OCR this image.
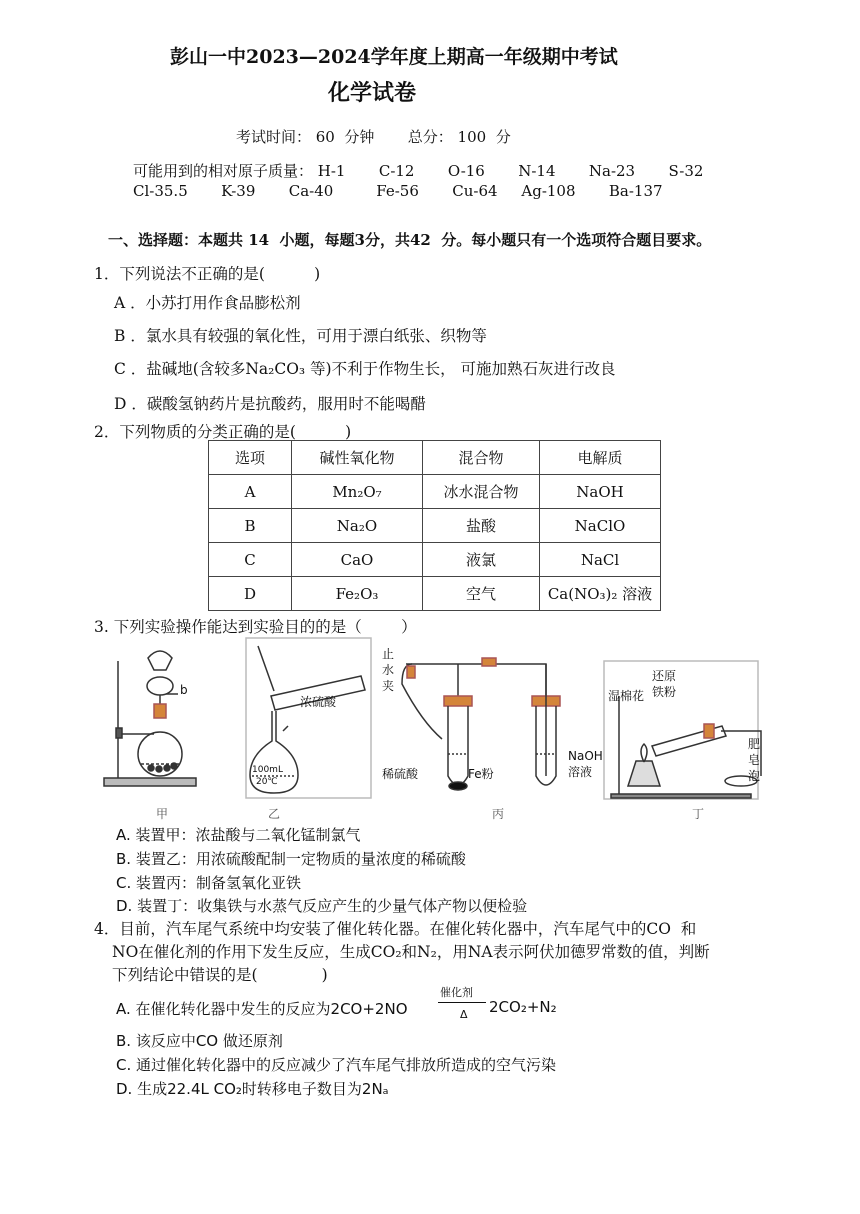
彭山一中2023—2024学年度上期高一年级期中考试
化学试卷
考试时间： 60  分钟       总分： 100  分
可能用到的相对原子质量： H-1       C-12       O-16       N-14       Na-23       S-32
Cl-35.5       K-39       Ca-40         Fe-56       Cu-64     Ag-108       Ba-137
一、选择题：本题共 14  小题，每题3分，共42  分。每小题只有一个选项符合题目要求。
1．下列说法不正确的是(          )
A ．小苏打用作食品膨松剂
B ．氯水具有较强的氧化性，可用于漂白纸张、织物等
C ．盐碱地(含较多Na₂CO₃ 等)不利于作物生长， 可施加熟石灰进行改良
D ．碳酸氢钠药片是抗酸药，服用时不能喝醋
2．下列物质的分类正确的是(          )
选项	碱性氧化物	混合物	电解质
A	Mn₂O₇	冰水混合物	NaOH
B	Na₂O	盐酸	NaClO
C	CaO	液氯	NaCl
D	Fe₂O₃	空气	Ca(NO₃)₂ 溶液
3. 下列实验操作能达到实验目的的是（        ）
b
浓硫酸
100mL
20℃
止水夹
稀硫酸	Fe粉
NaOH
溶液
还原铁粉
湿棉花
肥皂泡
甲	乙	丙	丁
A. 装置甲：浓盐酸与二氧化锰制氯气
B. 装置乙：用浓硫酸配制一定物质的量浓度的稀硫酸
C. 装置丙：制备氢氧化亚铁
D. 装置丁：收集铁与水蒸气反应产生的少量气体产物以便检验
4．目前，汽车尾气系统中均安装了催化转化器。在催化转化器中，汽车尾气中的CO  和
NO在催化剂的作用下发生反应，生成CO₂和N₂，用NA表示阿伏加德罗常数的值，判断
下列结论中错误的是(             )
A. 在催化转化器中发生的反应为2CO+2NO
催化剂
Δ 2CO₂+N₂
B. 该反应中CO 做还原剂
C. 通过催化转化器中的反应减少了汽车尾气排放所造成的空气污染
D. 生成22.4L CO₂时转移电子数目为2Nₐ
